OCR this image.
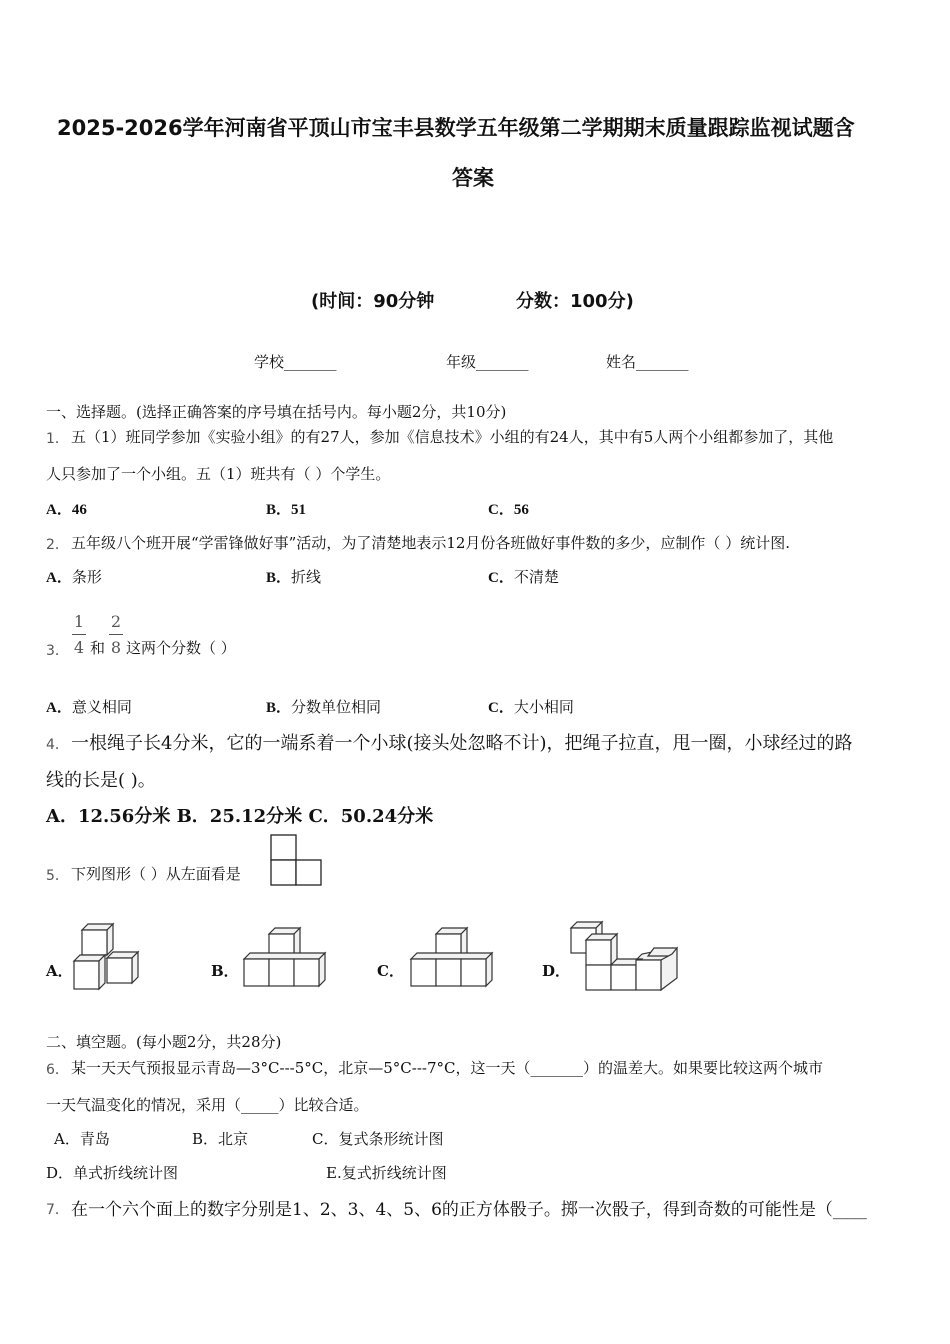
2025-2026学年河南省平顶山市宝丰县数学五年级第二学期期末质量跟踪监视试题含
答案
(时间：90分钟	分数：100分)
学校_______	年级_______	姓名_______
一、选择题。(选择正确答案的序号填在括号内。每小题2分，共10分)
1． 五（1）班同学参加《实验小组》的有27人，参加《信息技术》小组的有24人，其中有5人两个小组都参加了，其他
人只参加了一个小组。五（1）班共有（ ）个学生。
A．46	B．51	C．56
2． 五年级八个班开展“学雷锋做好事”活动，为了清楚地表示12月份各班做好事件数的多少，应制作（ ）统计图.
A．条形	B．折线	C．不清楚
3．
1
4 和
2
8 这两个分数（ ）
A．意义相同	B．分数单位相同	C．大小相同
4． 一根绳子长4分米，它的一端系着一个小球(接头处忽略不计)，把绳子拉直，甩一圈，小球经过的路
线的长是( )。
A．12.56分米 B．25.12分米 C．50.24分米
5． 下列图形（ ）从左面看是
A．	B．	C．	D．
二、填空题。(每小题2分，共28分)
6． 某一天天气预报显示青岛—3°C---5°C，北京—5°C---7°C，这一天（_______）的温差大。如果要比较这两个城市
一天气温变化的情况，采用（_____）比较合适。
A．青岛	B．北京	C．复式条形统计图
D．单式折线统计图	E.复式折线统计图
7． 在一个六个面上的数字分别是1、2、3、4、5、6的正方体骰子。掷一次骰子，得到奇数的可能性是（____
